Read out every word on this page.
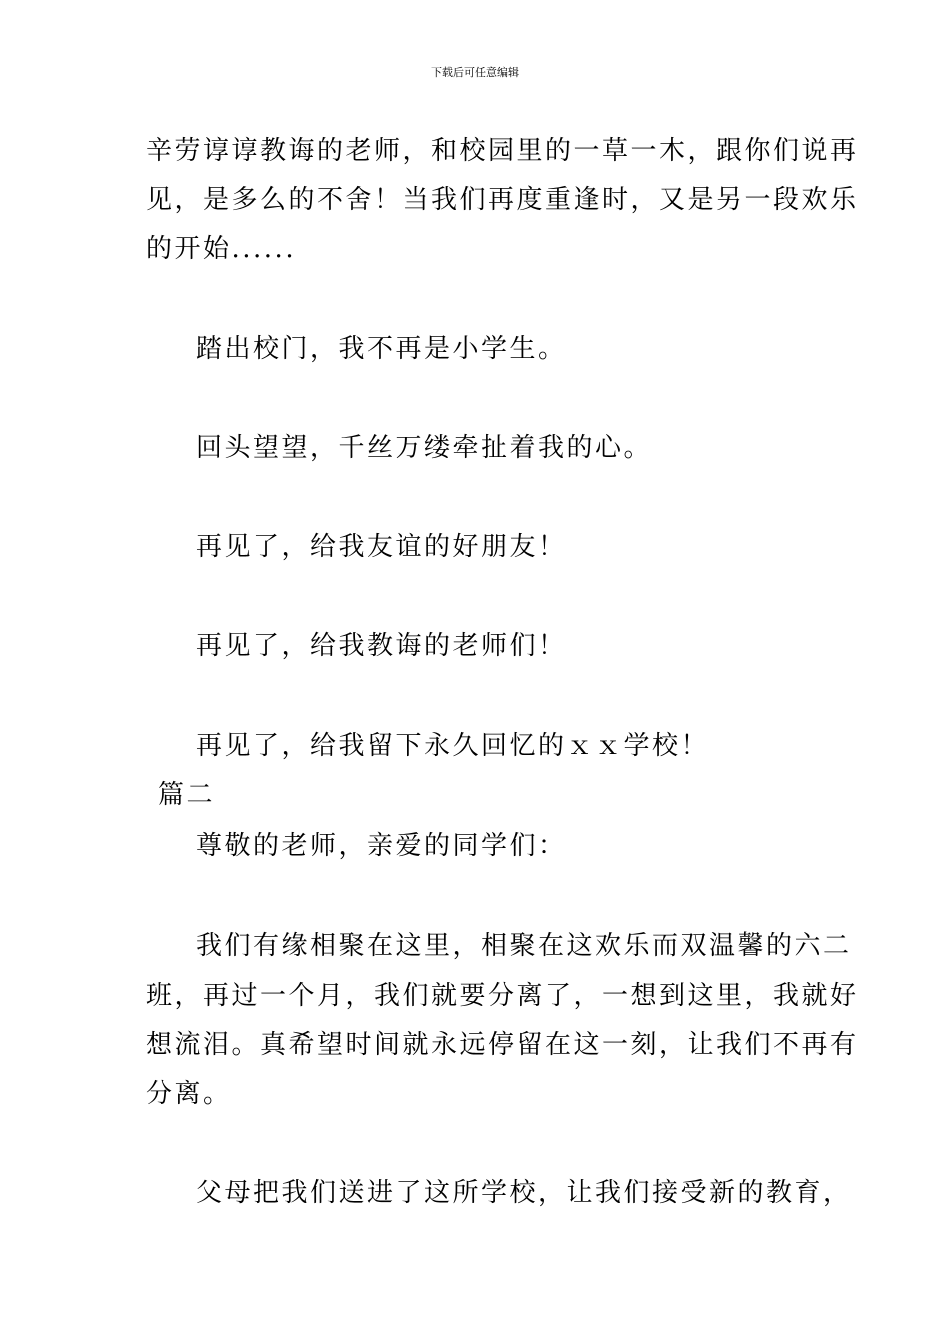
下载后可任意编辑
辛劳谆谆教诲的老师，和校园里的一草一木，跟你们说再
见，是多么的不舍！当我们再度重逢时，又是另一段欢乐
的开始......
踏出校门，我不再是小学生。
回头望望，千丝万缕牵扯着我的心。
再见了，给我友谊的好朋友！
再见了，给我教诲的老师们！
再见了，给我留下永久回忆的ｘｘ学校！
篇二
尊敬的老师，亲爱的同学们：
我们有缘相聚在这里，相聚在这欢乐而双温馨的六二
班，再过一个月，我们就要分离了，一想到这里，我就好
想流泪。真希望时间就永远停留在这一刻，让我们不再有
分离。
父母把我们送进了这所学校，让我们接受新的教育，
